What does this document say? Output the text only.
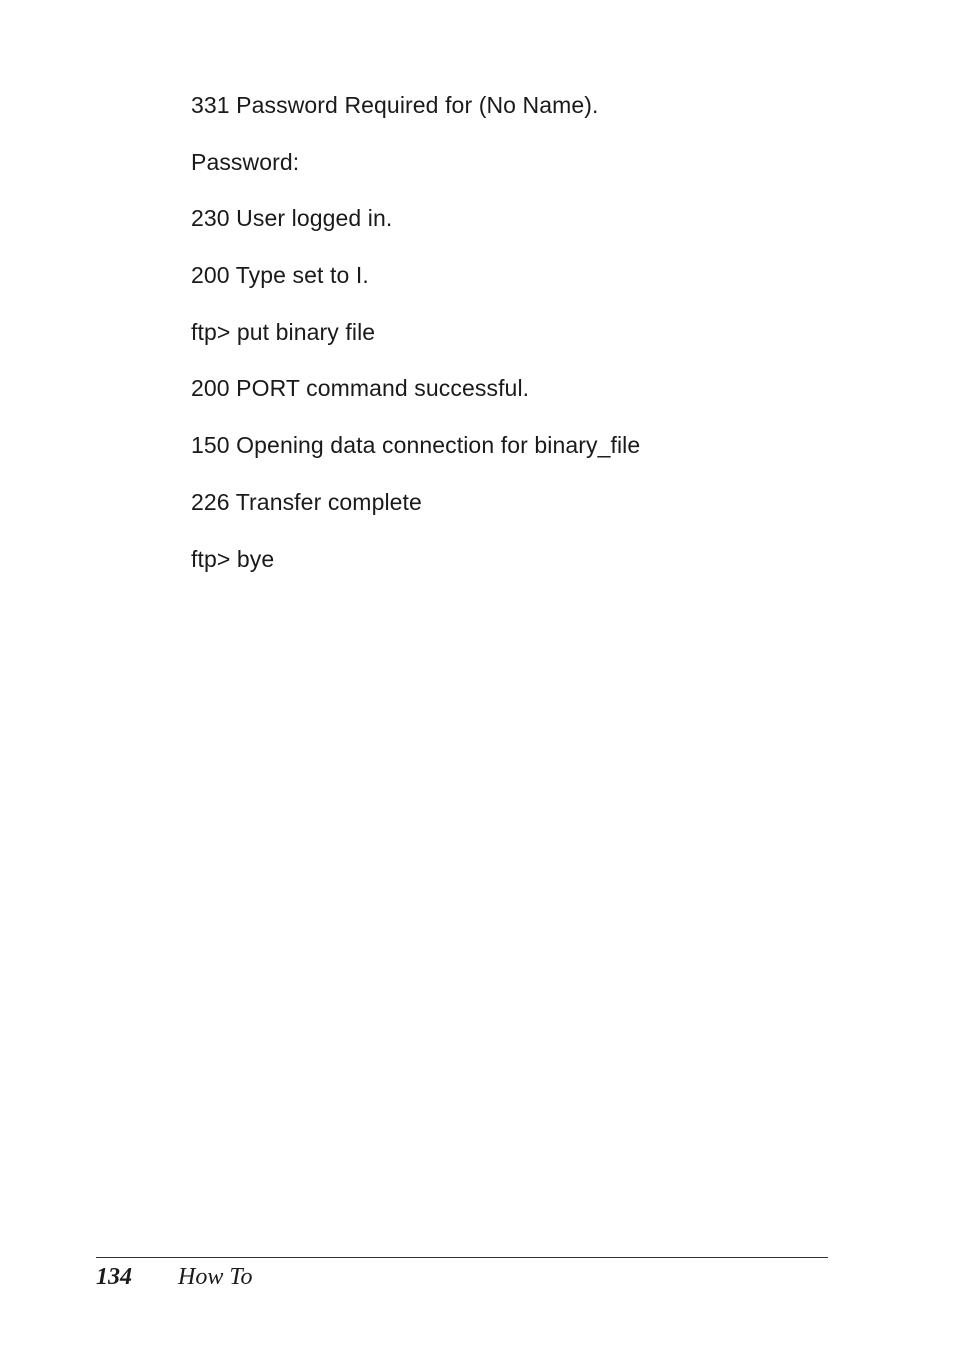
331 Password Required for (No Name).
Password:
230 User logged in.
200 Type set to I.
ftp> put binary file
200 PORT command successful.
150 Opening data connection for binary_file
226 Transfer complete
ftp> bye
134 How To
